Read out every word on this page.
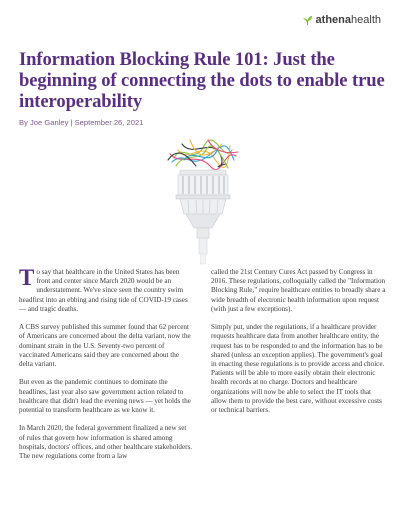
athenahealth
Information Blocking Rule 101: Just the beginning of connecting the dots to enable true interoperability
By Joe Ganley | September 26, 2021

To say that healthcare in the United States has been front and center since March 2020 would be an understatement. We've since seen the country swim headfirst into an ebbing and rising tide of COVID-19 cases — and tragic deaths.

A CBS survey published this summer found that 62 percent of Americans are concerned about the delta variant, now the dominant strain in the U.S. Seventy-two percent of vaccinated Americans said they are concerned about the delta variant.

But even as the pandemic continues to dominate the headlines, last year also saw government action related to healthcare that didn't lead the evening news — yet holds the potential to transform healthcare as we know it.

In March 2020, the federal government finalized a new set of rules that govern how information is shared among hospitals, doctors' offices, and other healthcare stakeholders. The new regulations come from a law

called the 21st Century Cures Act passed by Congress in 2016. These regulations, colloquially called the "Information Blocking Rule," require healthcare entities to broadly share a wide breadth of electronic health information upon request (with just a few exceptions).

Simply put, under the regulations, if a healthcare provider requests healthcare data from another healthcare entity, the request has to be responded to and the information has to be shared (unless an exception applies). The government's goal in enacting these regulations is to provide access and choice. Patients will be able to more easily obtain their electronic health records at no charge. Doctors and healthcare organizations will now be able to select the IT tools that allow them to provide the best care, without excessive costs or technical barriers.
